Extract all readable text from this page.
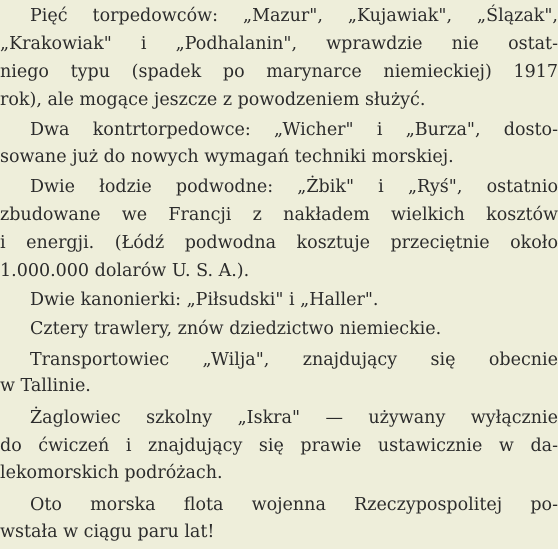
Pięć torpedowców: „Mazur", „Kujawiak", „Ślązak",
„Krakowiak" i „Podhalanin", wprawdzie nie ostat-
niego typu (spadek po marynarce niemieckiej) 1917
rok), ale mogące jeszcze z powodzeniem służyć.
Dwa kontrtorpedowce: „Wicher" i „Burza", dosto-
sowane już do nowych wymagań techniki morskiej.
Dwie łodzie podwodne: „Żbik" i „Ryś", ostatnio
zbudowane we Francji z nakładem wielkich kosztów
i energji. (Łódź podwodna kosztuje przeciętnie około
1.000.000 dolarów U. S. A.).
Dwie kanonierki: „Piłsudski" i „Haller".
Cztery trawlery, znów dziedzictwo niemieckie.
Transportowiec „Wilja", znajdujący się obecnie
w Tallinie.
Żaglowiec szkolny „Iskra" — używany wyłącznie
do ćwiczeń i znajdujący się prawie ustawicznie w da-
lekomorskich podróżach.
Oto morska flota wojenna Rzeczypospolitej po-
wstała w ciągu paru lat!
